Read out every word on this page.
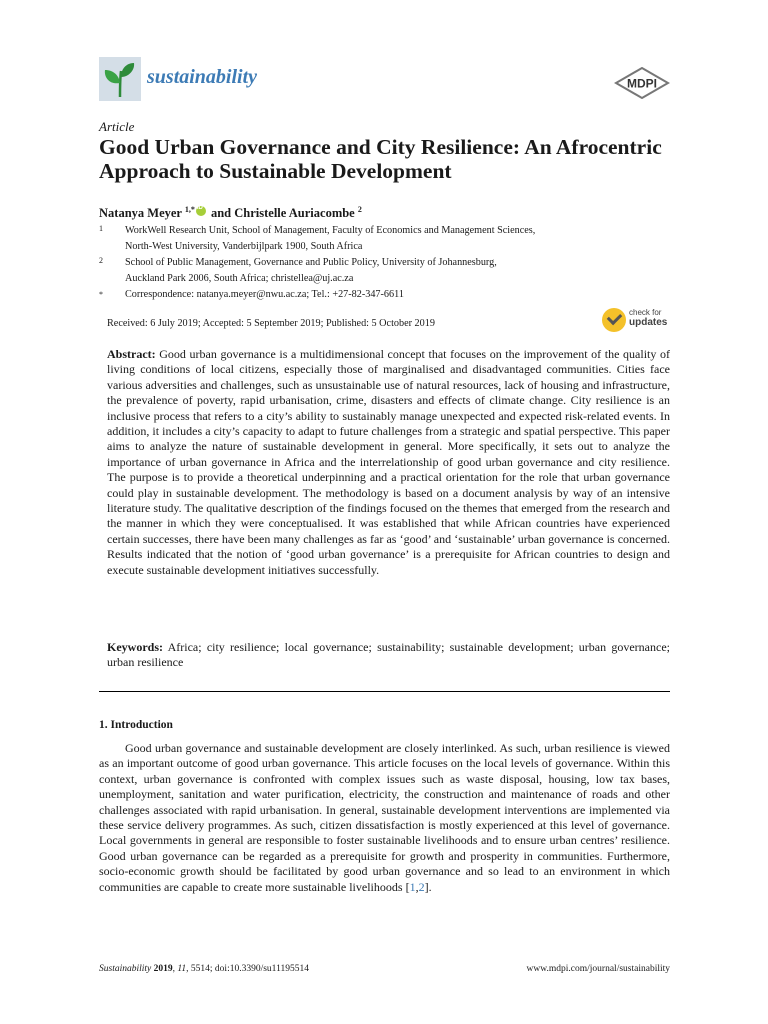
sustainability	MDPI
Article
Good Urban Governance and City Resilience: An Afrocentric Approach to Sustainable Development
Natanya Meyer $^{1,*}$iD and Christelle Auriacombe $^2$
1 WorkWell Research Unit, School of Management, Faculty of Economics and Management Sciences,
North-West University, Vanderbijlpark 1900, South Africa
2 School of Public Management, Governance and Public Policy, University of Johannesburg,
Auckland Park 2006, South Africa; christellea@uj.ac.za
* Correspondence: natanya.meyer@nwu.ac.za; Tel.: +27-82-347-6611
Received: 6 July 2019; Accepted: 5 September 2019; Published: 5 October 2019
check for
updates
Abstract: Good urban governance is a multidimensional concept that focuses on the improvement of the quality of living conditions of local citizens, especially those of marginalised and disadvantaged communities. Cities face various adversities and challenges, such as unsustainable use of natural resources, lack of housing and infrastructure, the prevalence of poverty, rapid urbanisation, crime, disasters and effects of climate change. City resilience is an inclusive process that refers to a city’s ability to sustainably manage unexpected and expected risk-related events. In addition, it includes a city’s capacity to adapt to future challenges from a strategic and spatial perspective. This paper aims to analyze the nature of sustainable development in general. More specifically, it sets out to analyze the importance of urban governance in Africa and the interrelationship of good urban governance and city resilience. The purpose is to provide a theoretical underpinning and a practical orientation for the role that urban governance could play in sustainable development. The methodology is based on a document analysis by way of an intensive literature study. The qualitative description of the findings focused on the themes that emerged from the research and the manner in which they were conceptualised. It was established that while African countries have experienced certain successes, there have been many challenges as far as ‘good’ and ‘sustainable’ urban governance is concerned. Results indicated that the notion of ‘good urban governance’ is a prerequisite for African countries to design and execute sustainable development initiatives successfully.
Keywords: Africa; city resilience; local governance; sustainability; sustainable development; urban governance; urban resilience
1. Introduction
Good urban governance and sustainable development are closely interlinked. As such, urban resilience is viewed as an important outcome of good urban governance. This article focuses on the local levels of governance. Within this context, urban governance is confronted with complex issues such as waste disposal, housing, low tax bases, unemployment, sanitation and water purification, electricity, the construction and maintenance of roads and other challenges associated with rapid urbanisation. In general, sustainable development interventions are implemented via these service delivery programmes. As such, citizen dissatisfaction is mostly experienced at this level of governance. Local governments in general are responsible to foster sustainable livelihoods and to ensure urban centres’ resilience. Good urban governance can be regarded as a prerequisite for growth and prosperity in communities. Furthermore, socio-economic growth should be facilitated by good urban governance and so lead to an environment in which communities are capable to create more sustainable livelihoods [1,2].
Sustainability 2019, 11, 5514; doi:10.3390/su11195514	www.mdpi.com/journal/sustainability
